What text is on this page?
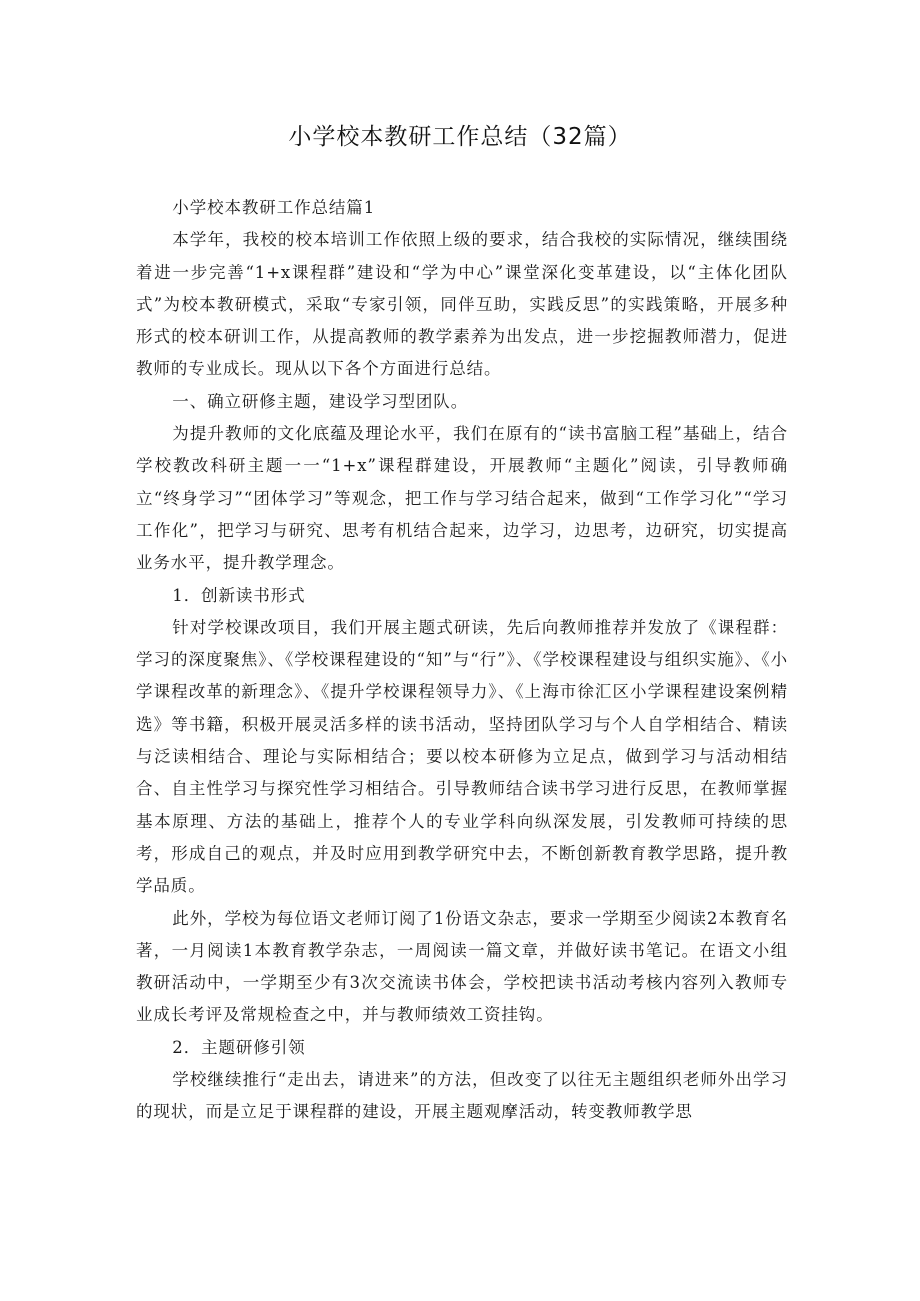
小学校本教研工作总结（32篇）

小学校本教研工作总结篇1

本学年，我校的校本培训工作依照上级的要求，结合我校的实际情况，继续围绕着进一步完善“1+x课程群”建设和“学为中心”课堂深化变革建设，以“主体化团队式”为校本教研模式，采取“专家引领，同伴互助，实践反思”的实践策略，开展多种形式的校本研训工作，从提高教师的教学素养为出发点，进一步挖掘教师潜力，促进教师的专业成长。现从以下各个方面进行总结。

一、确立研修主题，建设学习型团队。

为提升教师的文化底蕴及理论水平，我们在原有的“读书富脑工程”基础上，结合学校教改科研主题一一“1+x”课程群建设，开展教师“主题化”阅读，引导教师确立“终身学习”“团体学习”等观念，把工作与学习结合起来，做到“工作学习化”“学习工作化”，把学习与研究、思考有机结合起来，边学习，边思考，边研究，切实提高业务水平，提升教学理念。

1．创新读书形式

针对学校课改项目，我们开展主题式研读，先后向教师推荐并发放了《课程群：学习的深度聚焦》、《学校课程建设的“知”与“行”》、《学校课程建设与组织实施》、《小学课程改革的新理念》、《提升学校课程领导力》、《上海市徐汇区小学课程建设案例精选》等书籍，积极开展灵活多样的读书活动，坚持团队学习与个人自学相结合、精读与泛读相结合、理论与实际相结合；要以校本研修为立足点，做到学习与活动相结合、自主性学习与探究性学习相结合。引导教师结合读书学习进行反思，在教师掌握基本原理、方法的基础上，推荐个人的专业学科向纵深发展，引发教师可持续的思考，形成自己的观点，并及时应用到教学研究中去，不断创新教育教学思路，提升教学品质。

此外，学校为每位语文老师订阅了1份语文杂志，要求一学期至少阅读2本教育名著，一月阅读1本教育教学杂志，一周阅读一篇文章，并做好读书笔记。在语文小组教研活动中，一学期至少有3次交流读书体会，学校把读书活动考核内容列入教师专业成长考评及常规检查之中，并与教师绩效工资挂钩。

2．主题研修引领

学校继续推行“走出去，请进来”的方法，但改变了以往无主题组织老师外出学习的现状，而是立足于课程群的建设，开展主题观摩活动，转变教师教学思
